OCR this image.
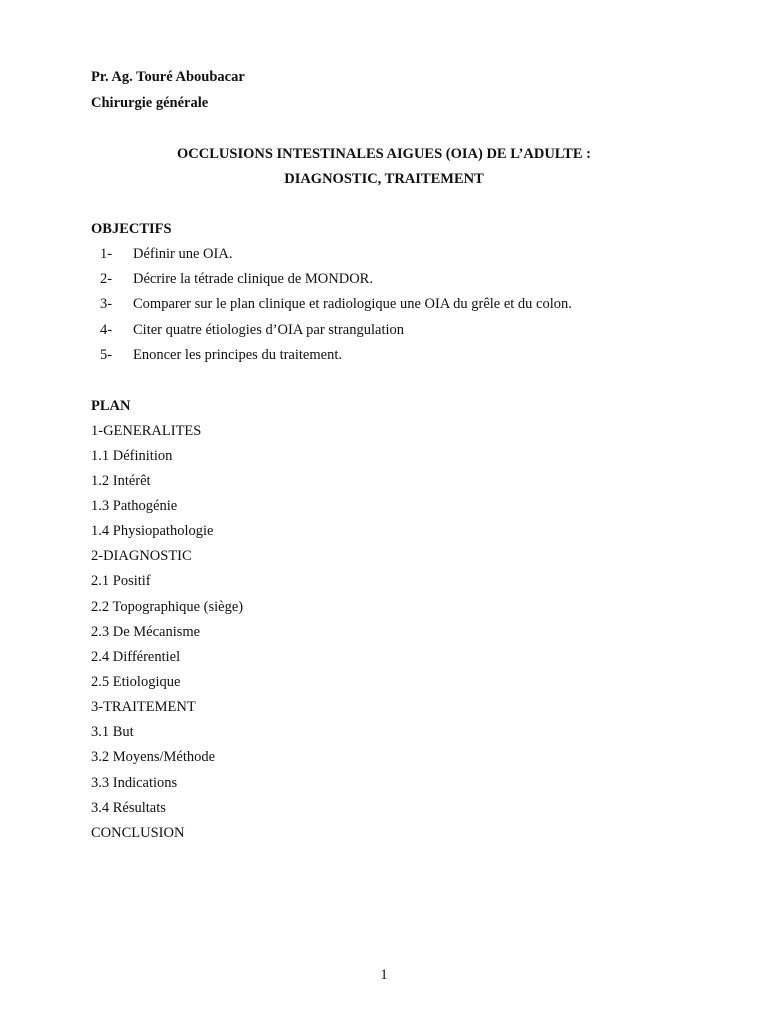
Pr. Ag. Touré Aboubacar
Chirurgie générale
OCCLUSIONS INTESTINALES AIGUES (OIA) DE L’ADULTE :
DIAGNOSTIC, TRAITEMENT
OBJECTIFS
1- Définir une OIA.
2- Décrire la tétrade clinique de MONDOR.
3- Comparer sur le plan clinique et radiologique une OIA du grêle et du colon.
4- Citer quatre étiologies d’OIA par strangulation
5- Enoncer les principes du traitement.
PLAN
1-GENERALITES
1.1 Définition
1.2 Intérêt
1.3 Pathogénie
1.4 Physiopathologie
2-DIAGNOSTIC
2.1 Positif
2.2 Topographique (siège)
2.3 De Mécanisme
2.4 Différentiel
2.5 Etiologique
3-TRAITEMENT
3.1 But
3.2 Moyens/Méthode
3.3 Indications
3.4 Résultats
CONCLUSION
1
